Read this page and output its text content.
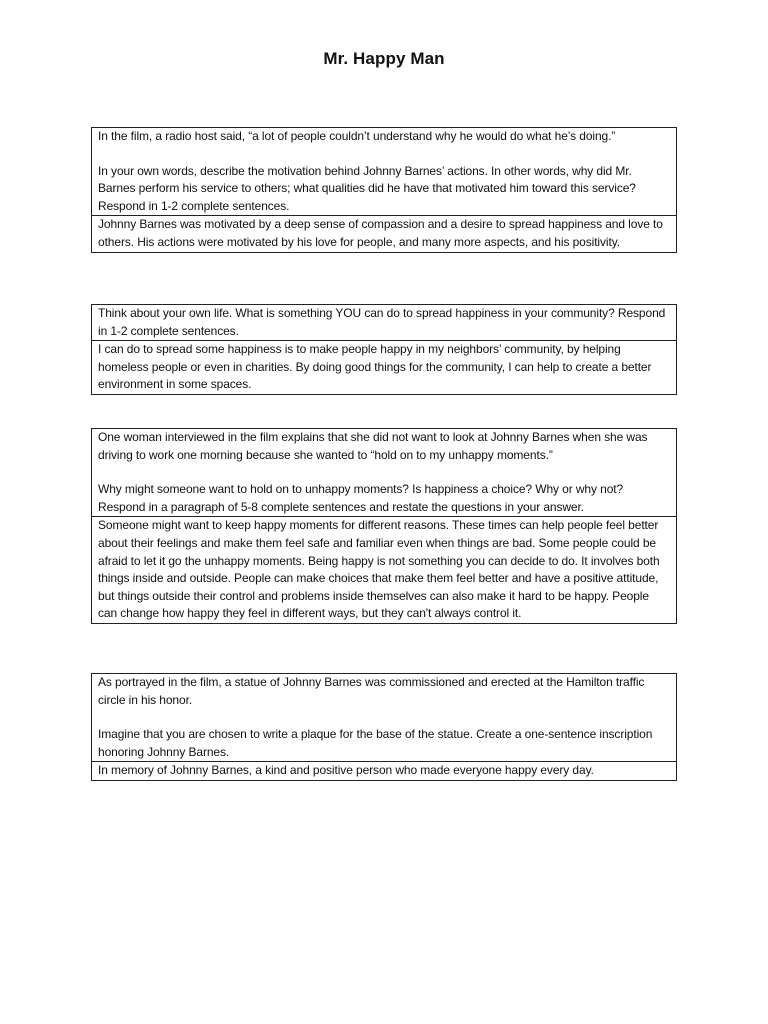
Mr. Happy Man

In the film, a radio host said, “a lot of people couldn’t understand why he would do what he’s doing.”

In your own words, describe the motivation behind Johnny Barnes’ actions. In other words, why did Mr. Barnes perform his service to others; what qualities did he have that motivated him toward this service? Respond in 1-2 complete sentences.

Johnny Barnes was motivated by a deep sense of compassion and a desire to spread happiness and love to others. His actions were motivated by his love for people, and many more aspects, and his positivity.

Think about your own life. What is something YOU can do to spread happiness in your community? Respond in 1-2 complete sentences.

I can do to spread some happiness is to make people happy in my neighbors’ community, by helping homeless people or even in charities. By doing good things for the community, I can help to create a better environment in some spaces.

One woman interviewed in the film explains that she did not want to look at Johnny Barnes when she was driving to work one morning because she wanted to “hold on to my unhappy moments.”

Why might someone want to hold on to unhappy moments? Is happiness a choice? Why or why not? Respond in a paragraph of 5-8 complete sentences and restate the questions in your answer.

Someone might want to keep happy moments for different reasons. These times can help people feel better about their feelings and make them feel safe and familiar even when things are bad. Some people could be afraid to let it go the unhappy moments. Being happy is not something you can decide to do. It involves both things inside and outside. People can make choices that make them feel better and have a positive attitude, but things outside their control and problems inside themselves can also make it hard to be happy. People can change how happy they feel in different ways, but they can't always control it.

As portrayed in the film, a statue of Johnny Barnes was commissioned and erected at the Hamilton traffic circle in his honor.

Imagine that you are chosen to write a plaque for the base of the statue. Create a one-sentence inscription honoring Johnny Barnes.

In memory of Johnny Barnes, a kind and positive person who made everyone happy every day.
